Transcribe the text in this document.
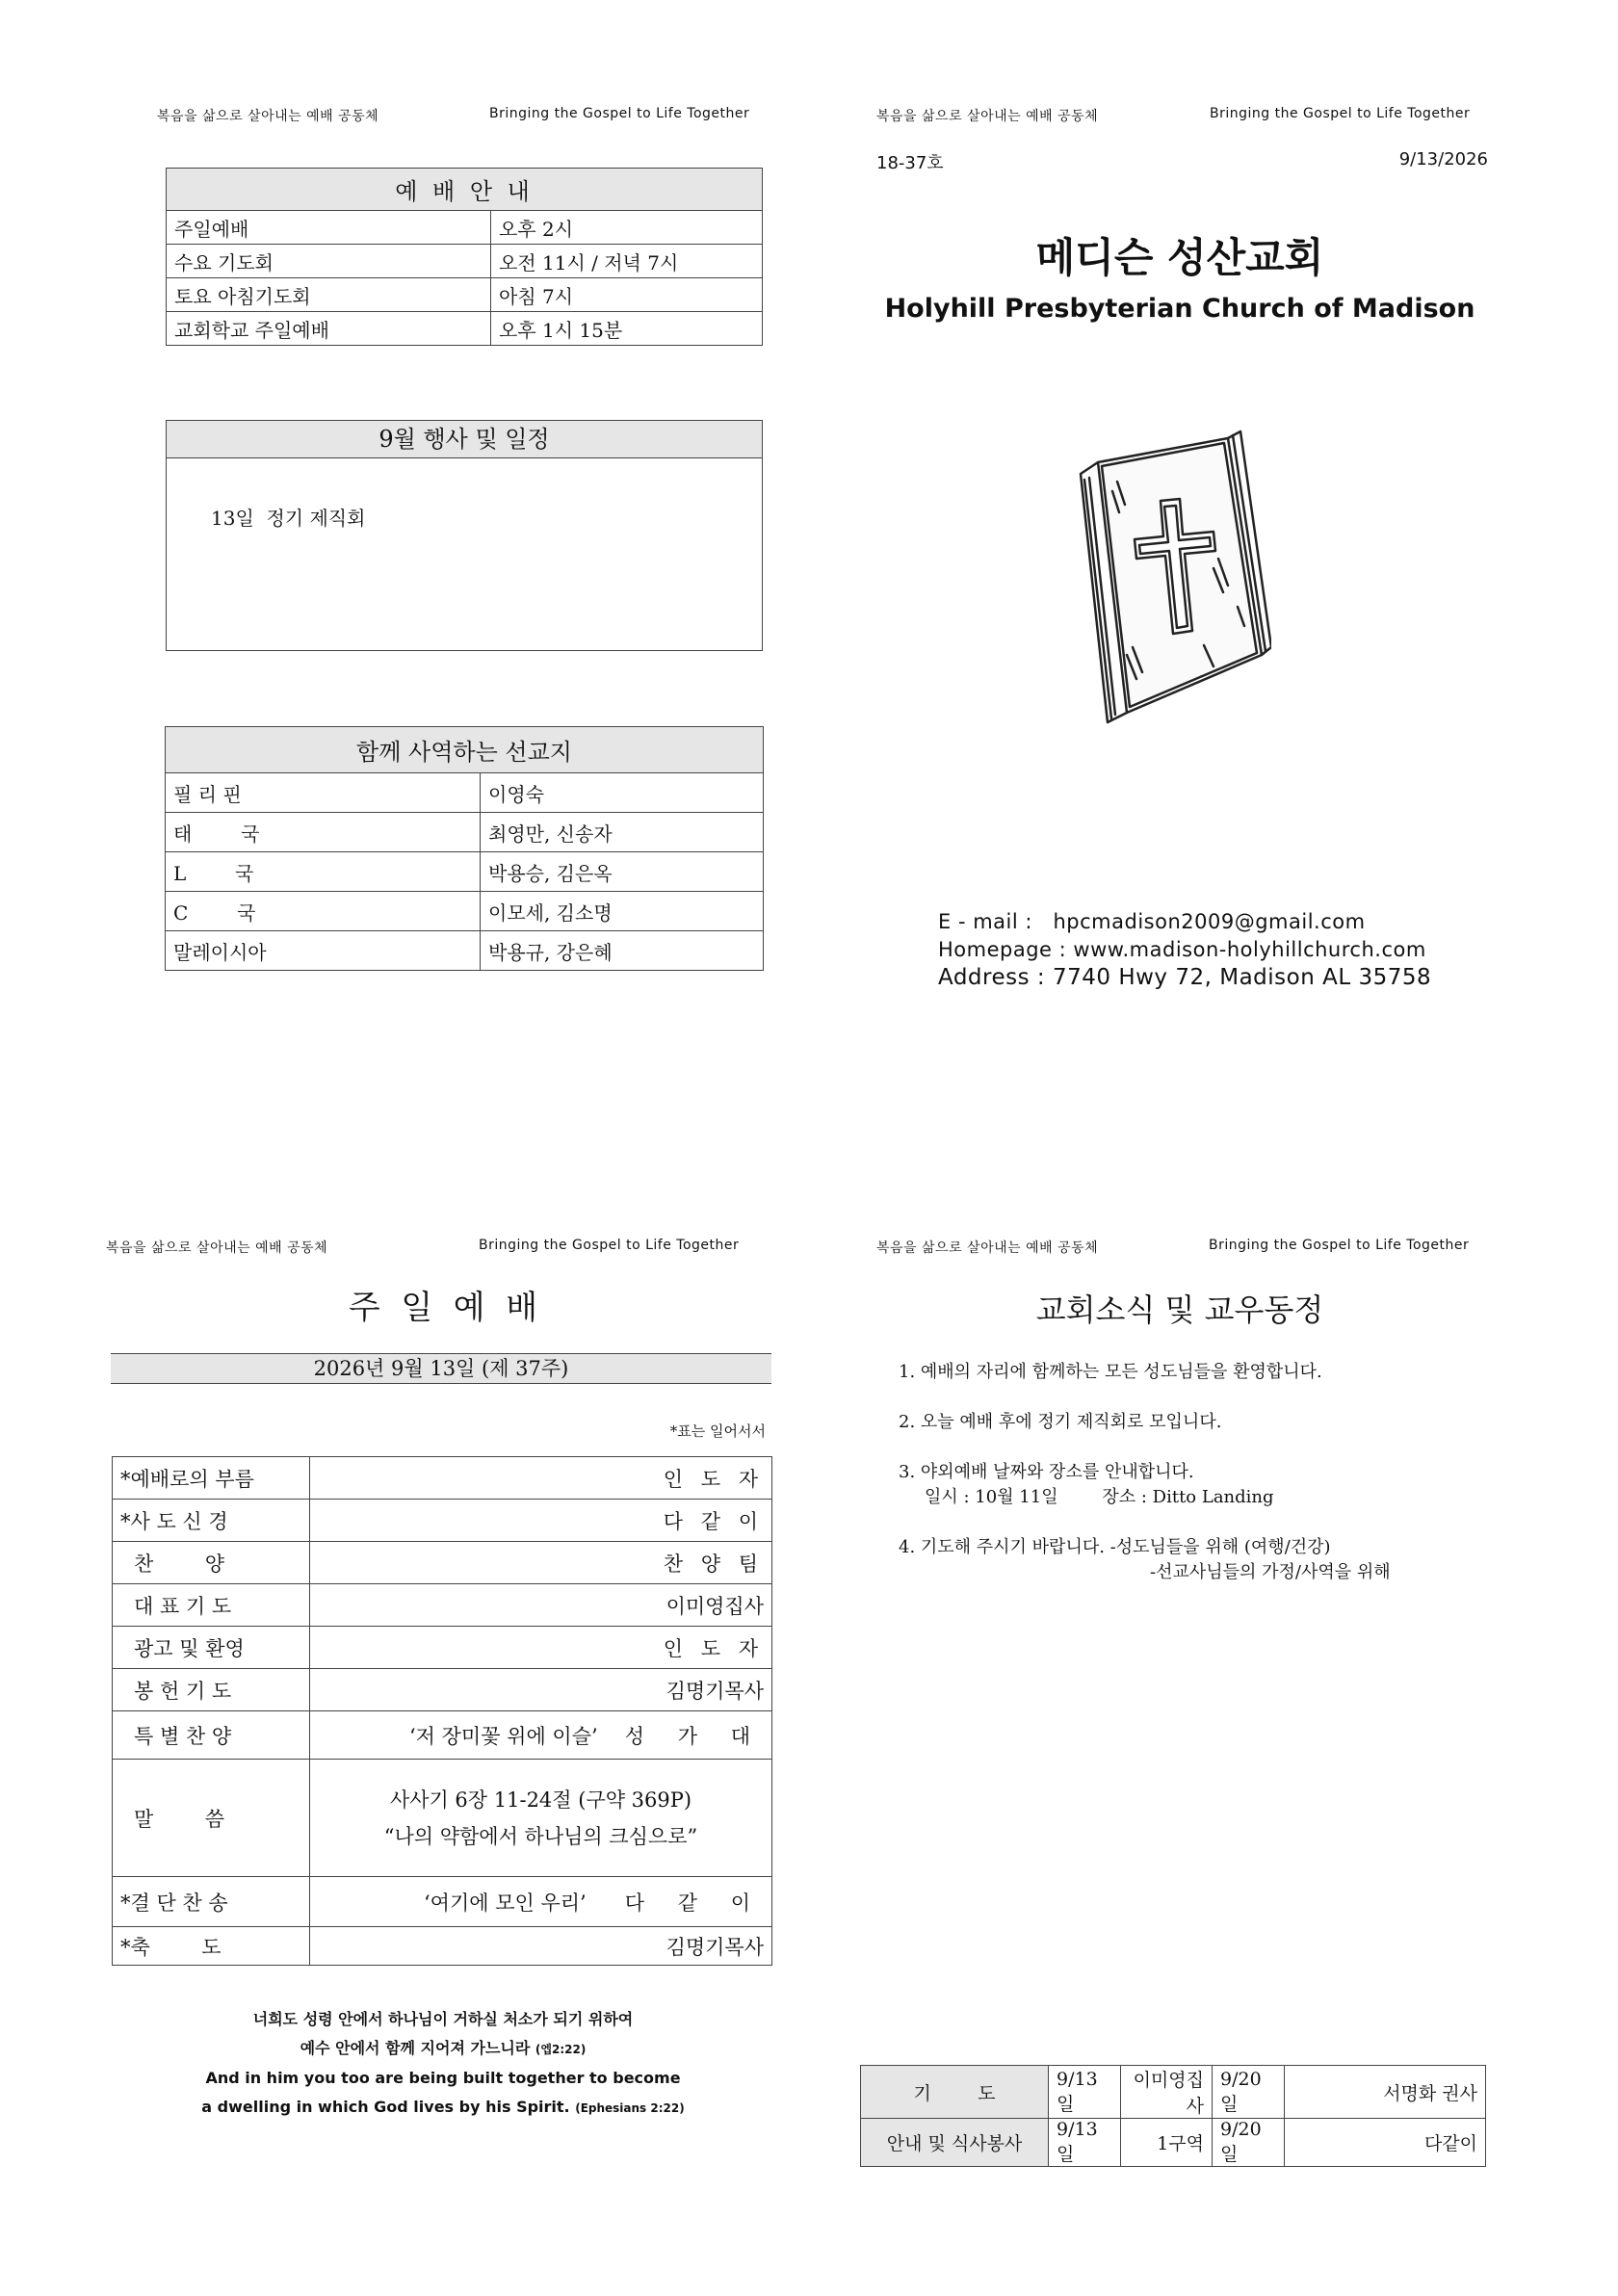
복음을 삶으로 살아내는 예배 공동체	Bringing the Gospel to Life Together	복음을 삶으로 살아내는 예배 공동체	Bringing the Gospel to Life Together
복음을 삶으로 살아내는 예배 공동체	Bringing the Gospel to Life Together	복음을 삶으로 살아내는 예배 공동체	Bringing the Gospel to Life Together
예 배 안 내	
주일예배	오후 2시
수요 기도회	오전 11시 / 저녁 7시
토요 아침기도회	아침 7시
교회학교 주일예배	오후 1시 15분
9월 행사 및 일정
13일  정기 제직회
함께 사역하는 선교지	
필 리 핀	이영숙
태        국	최영만, 신송자
L        국	박용승, 김은옥
C        국	이모세, 김소명
말레이시아	박용규, 강은혜
18-37호	9/13/2026
메디슨 성산교회
Holyhill Presbyterian Church of Madison
E - mail : hpcmadison2009@gmail.com
Homepage : www.madison-holyhillchurch.com
Address : 7740 Hwy 72, Madison AL 35758
주  일  예  배
2026년 9월 13일 (제 37주)
*표는 일어서서
*예배로의 부름	인 도 자
*사 도 신 경	다 같 이
찬        양	찬 양 팀
대 표 기 도	이미영집사
광고 및 환영	인 도 자
봉 헌 기 도	김명기목사
특 별 찬 양	‘저 장미꽃 위에 이슬’ 성 가 대

말        씀	사사기 6장 11-24절 (구약 369P)
“나의 약함에서 하나님의 크심으로”

*결 단 찬 송	‘여기에 모인 우리’ 다 같 이

*축        도	김명기목사
너희도 성령 안에서 하나님이 거하실 처소가 되기 위하여
예수 안에서 함께 지어져 가느니라 (엡2:22)
And in him you too are being built together to become
a dwelling in which God lives by his Spirit. (Ephesians 2:22)
교회소식 및 교우동정
1. 예배의 자리에 함께하는 모든 성도님들을 환영합니다.
2. 오늘 예배 후에 정기 제직회로 모입니다.
3. 야외예배 날짜와 장소를 안내합니다.
일시 : 10월 11일        장소 : Ditto Landing
4. 기도해 주시기 바랍니다. -성도님들을 위해 (여행/건강)
-선교사님들의 가정/사역을 위해
기        도	9/13일	이미영집사	9/20일	서명화 권사
안내 및 식사봉사	9/13일	1구역	9/20일	다같이
